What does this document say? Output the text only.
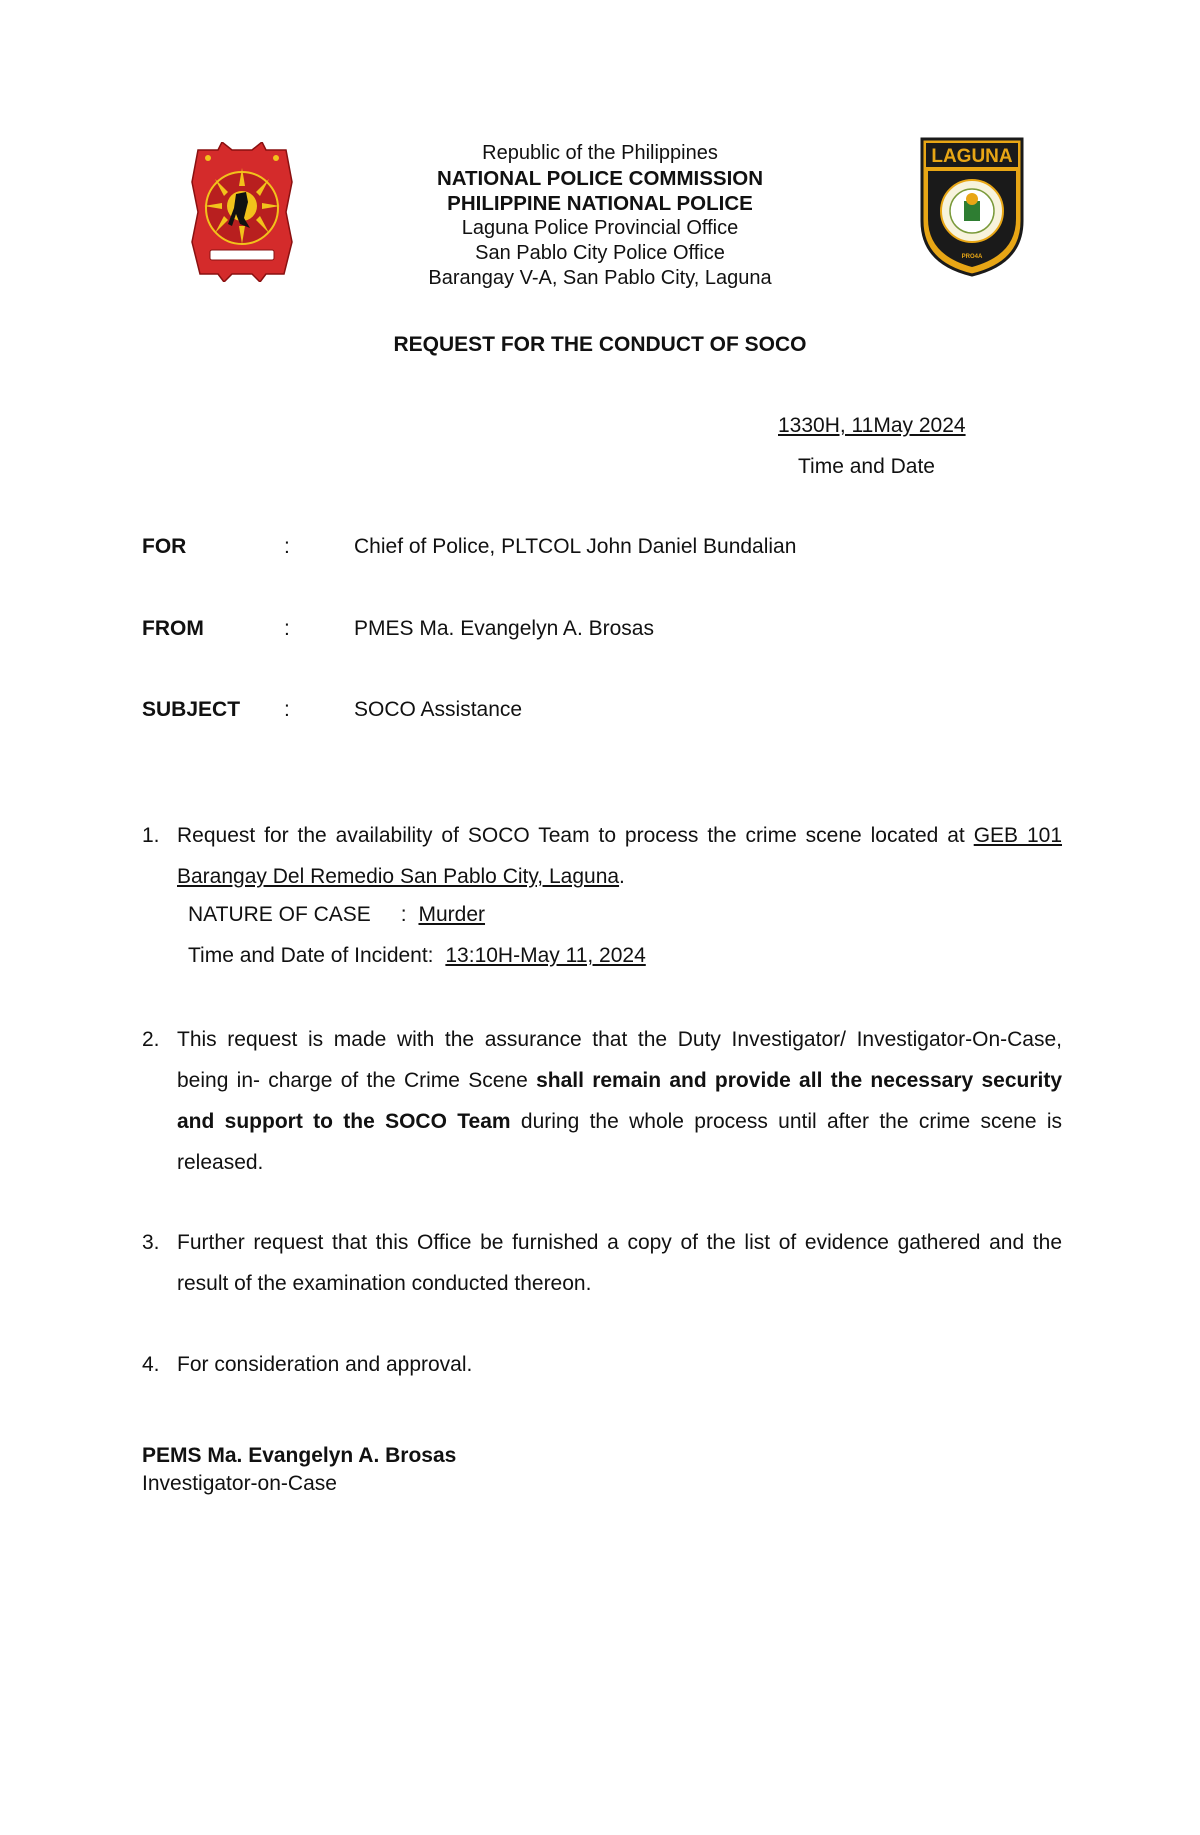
LAGUNA
PRO4A
Republic of the Philippines
NATIONAL POLICE COMMISSION
PHILIPPINE NATIONAL POLICE
Laguna Police Provincial Office
San Pablo City Police Office
Barangay V-A, San Pablo City, Laguna
REQUEST FOR THE CONDUCT OF SOCO
1330H, 11May 2024
Time and Date
FOR	:	Chief of Police, PLTCOL John Daniel Bundalian
FROM	:	PMES Ma. Evangelyn A. Brosas
SUBJECT :	SOCO Assistance
1. Request for the availability of SOCO Team to process the crime scene located at GEB 101 Barangay Del Remedio San Pablo City, Laguna.
NATURE OF CASE : Murder
Time and Date of Incident: 13:10H-May 11, 2024
2. This request is made with the assurance that the Duty Investigator/ Investigator-On-Case, being in- charge of the Crime Scene shall remain and provide all the necessary security and support to the SOCO Team during the whole process until after the crime scene is released.
3. Further request that this Office be furnished a copy of the list of evidence gathered and the result of the examination conducted thereon.
4. For consideration and approval.
PEMS Ma. Evangelyn A. Brosas
Investigator-on-Case
